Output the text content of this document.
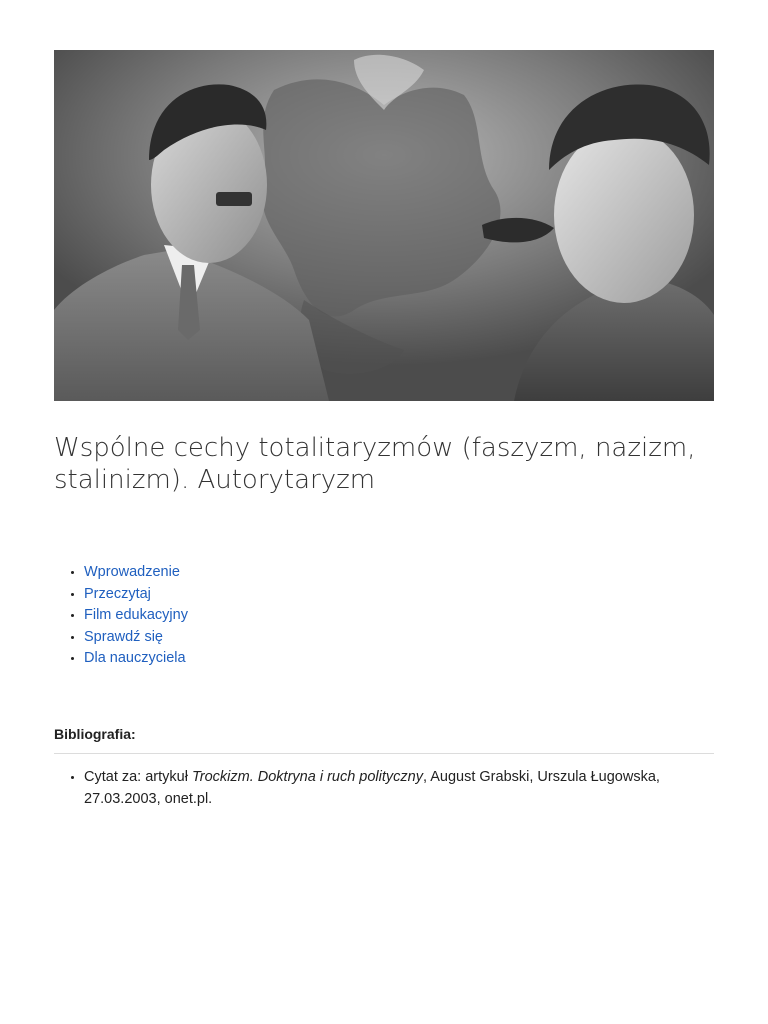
Wspólne cechy totalitaryzmów (faszyzm, nazizm, stalinizm). Autorytaryzm
• Wprowadzenie
• Przeczytaj
• Film edukacyjny
• Sprawdź się
• Dla nauczyciela
Bibliografia:
• Cytat za: artykuł Trockizm. Doktryna i ruch polityczny, August Grabski, Urszula Ługowska, 27.03.2003, onet.pl.
